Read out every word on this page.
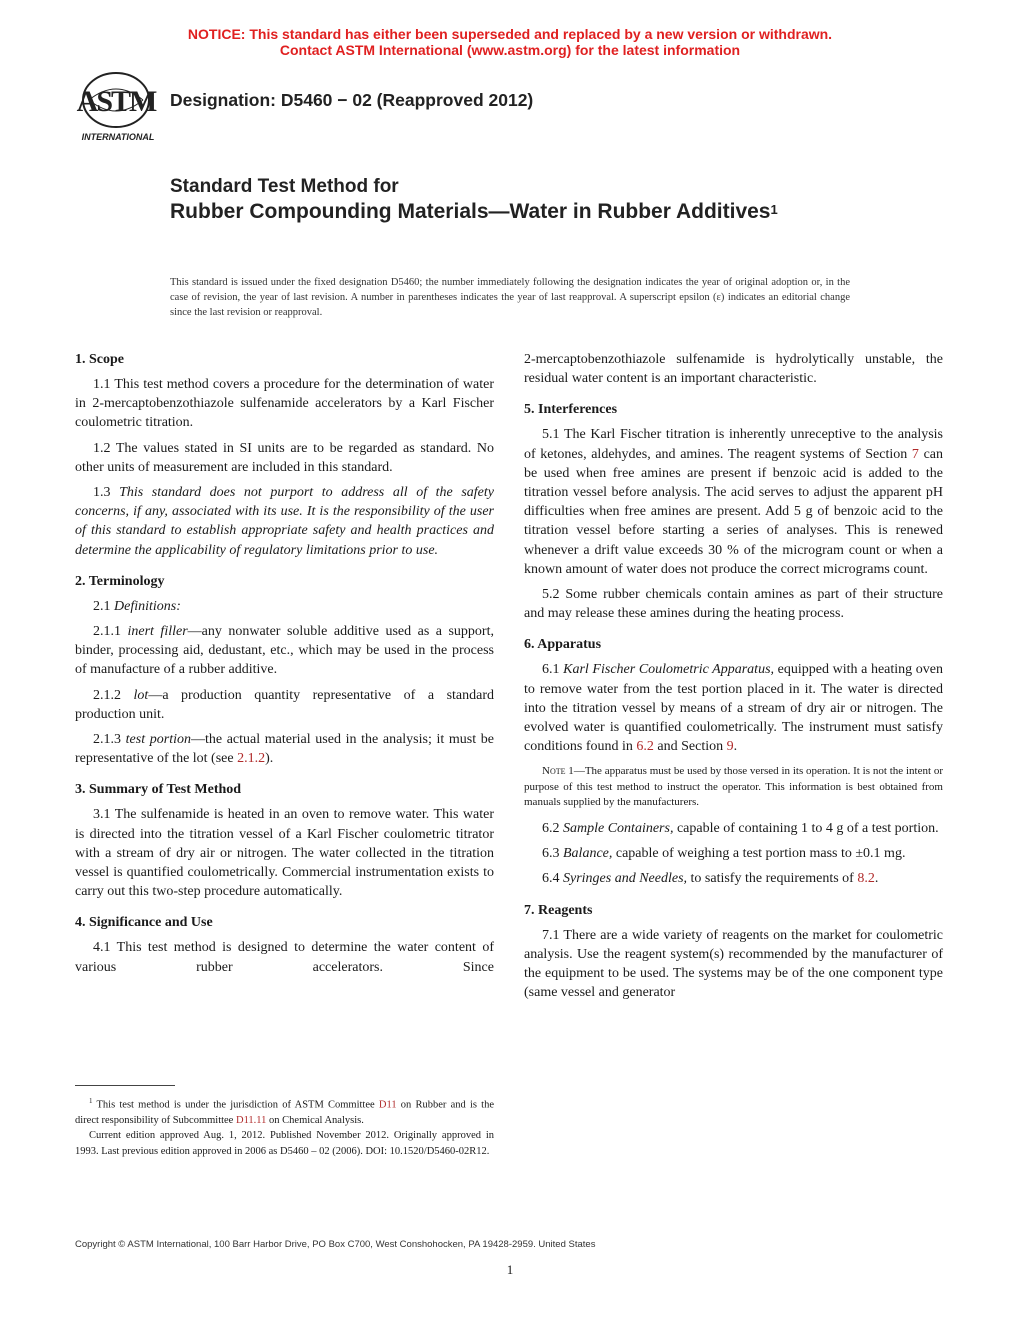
NOTICE: This standard has either been superseded and replaced by a new version or withdrawn.
Contact ASTM International (www.astm.org) for the latest information
ASTM
INTERNATIONAL
Designation: D5460 − 02 (Reapproved 2012)
Standard Test Method for
Rubber Compounding Materials—Water in Rubber Additives$^1$
This standard is issued under the fixed designation D5460; the number immediately following the designation indicates the year of original adoption or, in the case of revision, the year of last revision. A number in parentheses indicates the year of last reapproval. A superscript epsilon (ε) indicates an editorial change since the last revision or reapproval.
1. Scope

1.1 This test method covers a procedure for the determination of water in 2-mercaptobenzothiazole sulfenamide accelerators by a Karl Fischer coulometric titration.

1.2 The values stated in SI units are to be regarded as standard. No other units of measurement are included in this standard.

1.3 This standard does not purport to address all of the safety concerns, if any, associated with its use. It is the responsibility of the user of this standard to establish appropriate safety and health practices and determine the applicability of regulatory limitations prior to use.

2. Terminology

2.1 Definitions:

2.1.1 inert filler—any nonwater soluble additive used as a support, binder, processing aid, dedustant, etc., which may be used in the process of manufacture of a rubber additive.

2.1.2 lot—a production quantity representative of a standard production unit.

2.1.3 test portion—the actual material used in the analysis; it must be representative of the lot (see 2.1.2).

3. Summary of Test Method

3.1 The sulfenamide is heated in an oven to remove water. This water is directed into the titration vessel of a Karl Fischer coulometric titrator with a stream of dry air or nitrogen. The water collected in the titration vessel is quantified coulometrically. Commercial instrumentation exists to carry out this two-step procedure automatically.

4. Significance and Use

4.1 This test method is designed to determine the water content of various rubber accelerators. Since

2-mercaptobenzothiazole sulfenamide is hydrolytically unstable, the residual water content is an important characteristic.

5. Interferences

5.1 The Karl Fischer titration is inherently unreceptive to the analysis of ketones, aldehydes, and amines. The reagent systems of Section 7 can be used when free amines are present if benzoic acid is added to the titration vessel before analysis. The acid serves to adjust the apparent pH difficulties when free amines are present. Add 5 g of benzoic acid to the titration vessel before starting a series of analyses. This is renewed whenever a drift value exceeds 30 % of the microgram count or when a known amount of water does not produce the correct micrograms count.

5.2 Some rubber chemicals contain amines as part of their structure and may release these amines during the heating process.

6. Apparatus

6.1 Karl Fischer Coulometric Apparatus, equipped with a heating oven to remove water from the test portion placed in it. The water is directed into the titration vessel by means of a stream of dry air or nitrogen. The evolved water is quantified coulometrically. The instrument must satisfy conditions found in 6.2 and Section 9.

Note 1—The apparatus must be used by those versed in its operation. It is not the intent or purpose of this test method to instruct the operator. This information is best obtained from manuals supplied by the manufacturers.

6.2 Sample Containers, capable of containing 1 to 4 g of a test portion.

6.3 Balance, capable of weighing a test portion mass to ±0.1 mg.

6.4 Syringes and Needles, to satisfy the requirements of 8.2.

7. Reagents

7.1 There are a wide variety of reagents on the market for coulometric analysis. Use the reagent system(s) recommended by the manufacturer of the equipment to be used. The systems may be of the one component type (same vessel and generator

$^1$ This test method is under the jurisdiction of ASTM Committee D11 on Rubber and is the direct responsibility of Subcommittee D11.11 on Chemical Analysis.

Current edition approved Aug. 1, 2012. Published November 2012. Originally approved in 1993. Last previous edition approved in 2006 as D5460 – 02 (2006). DOI: 10.1520/D5460-02R12.

Copyright © ASTM International, 100 Barr Harbor Drive, PO Box C700, West Conshohocken, PA 19428-2959. United States
1
